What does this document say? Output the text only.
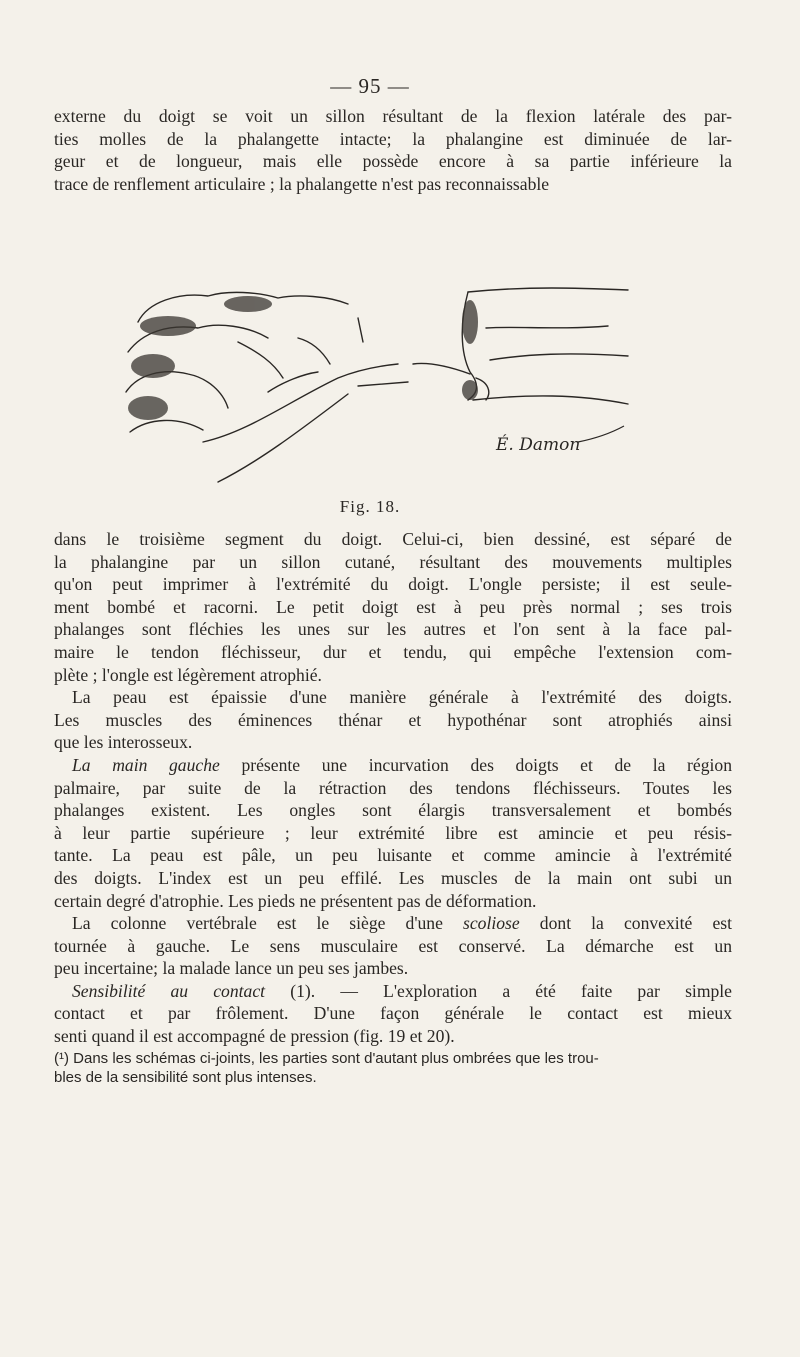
— 95 —
externe du doigt se voit un sillon résultant de la flexion latérale des par-
ties molles de la phalangette intacte; la phalangine est diminuée de lar-
geur et de longueur, mais elle possède encore à sa partie inférieure la
trace de renflement articulaire ; la phalangette n'est pas reconnaissable
É. Damon
Fig. 18.
dans le troisième segment du doigt. Celui-ci, bien dessiné, est séparé de
la phalangine par un sillon cutané, résultant des mouvements multiples
qu'on peut imprimer à l'extrémité du doigt. L'ongle persiste; il est seule-
ment bombé et racorni. Le petit doigt est à peu près normal ; ses trois
phalanges sont fléchies les unes sur les autres et l'on sent à la face pal-
maire le tendon fléchisseur, dur et tendu, qui empêche l'extension com-
plète ; l'ongle est légèrement atrophié.
La peau est épaissie d'une manière générale à l'extrémité des doigts.
Les muscles des éminences thénar et hypothénar sont atrophiés ainsi
que les interosseux.
La main gauche présente une incurvation des doigts et de la région
palmaire, par suite de la rétraction des tendons fléchisseurs. Toutes les
phalanges existent. Les ongles sont élargis transversalement et bombés
à leur partie supérieure ; leur extrémité libre est amincie et peu résis-
tante. La peau est pâle, un peu luisante et comme amincie à l'extrémité
des doigts. L'index est un peu effilé. Les muscles de la main ont subi un
certain degré d'atrophie. Les pieds ne présentent pas de déformation.
La colonne vertébrale est le siège d'une scoliose dont la convexité est
tournée à gauche. Le sens musculaire est conservé. La démarche est un
peu incertaine; la malade lance un peu ses jambes.
Sensibilité au contact (1). — L'exploration a été faite par simple
contact et par frôlement. D'une façon générale le contact est mieux
senti quand il est accompagné de pression (fig. 19 et 20).
(¹) Dans les schémas ci-joints, les parties sont d'autant plus ombrées que les trou-
bles de la sensibilité sont plus intenses.
